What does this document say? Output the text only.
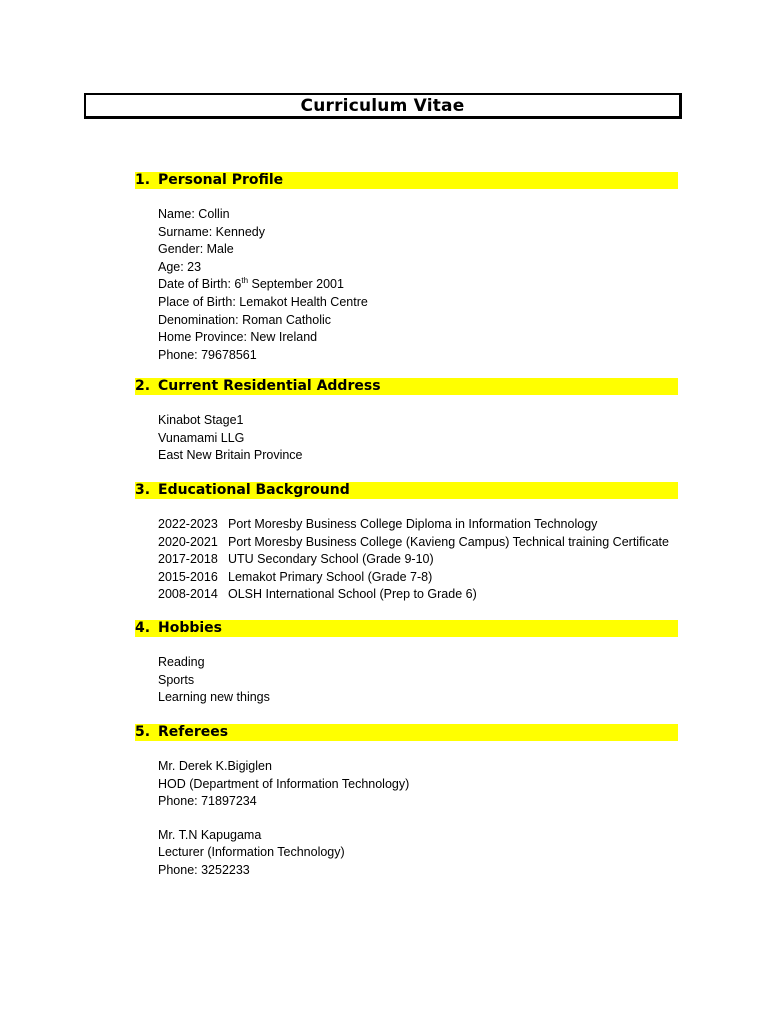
Curriculum Vitae
1. Personal Profile
Name: Collin
Surname: Kennedy
Gender: Male
Age: 23
Date of Birth: 6th September 2001
Place of Birth: Lemakot Health Centre
Denomination: Roman Catholic
Home Province: New Ireland
Phone: 79678561
2. Current Residential Address
Kinabot Stage1
Vunamami LLG
East New Britain Province
3. Educational Background
2022-2023 Port Moresby Business College Diploma in Information Technology
2020-2021 Port Moresby Business College (Kavieng Campus) Technical training Certificate
2017-2018 UTU Secondary School (Grade 9-10)
2015-2016 Lemakot Primary School (Grade 7-8)
2008-2014 OLSH International School (Prep to Grade 6)
4. Hobbies
Reading
Sports
Learning new things
5. Referees
Mr. Derek K.Bigiglen
HOD (Department of Information Technology)
Phone: 71897234
Mr. T.N Kapugama
Lecturer (Information Technology)
Phone: 3252233
